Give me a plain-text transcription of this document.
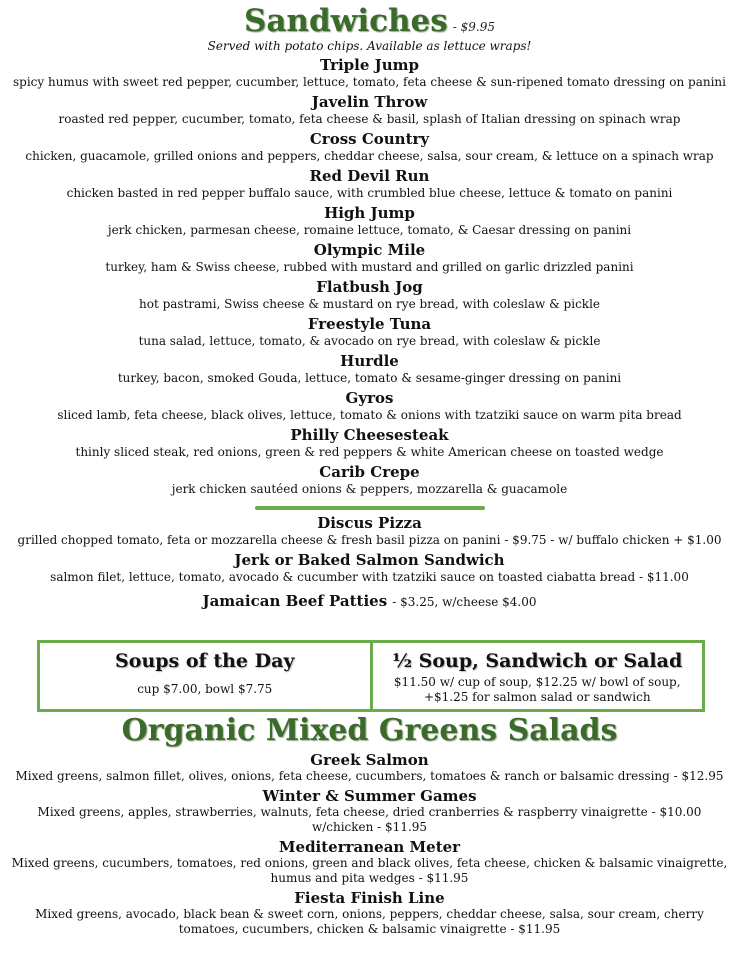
Sandwiches - $9.95
Served with potato chips. Available as lettuce wraps!
Triple Jump
spicy humus with sweet red pepper, cucumber, lettuce, tomato, feta cheese & sun-ripened tomato dressing on panini
Javelin Throw
roasted red pepper, cucumber, tomato, feta cheese & basil, splash of Italian dressing on spinach wrap
Cross Country
chicken, guacamole, grilled onions and peppers, cheddar cheese, salsa, sour cream, & lettuce on a spinach wrap
Red Devil Run
chicken basted in red pepper buffalo sauce, with crumbled blue cheese, lettuce & tomato on panini
High Jump
jerk chicken, parmesan cheese, romaine lettuce, tomato, & Caesar dressing on panini
Olympic Mile
turkey, ham & Swiss cheese, rubbed with mustard and grilled on garlic drizzled panini
Flatbush Jog
hot pastrami, Swiss cheese & mustard on rye bread, with coleslaw & pickle
Freestyle Tuna
tuna salad, lettuce, tomato, & avocado on rye bread, with coleslaw & pickle
Hurdle
turkey, bacon, smoked Gouda, lettuce, tomato & sesame-ginger dressing on panini
Gyros
sliced lamb, feta cheese, black olives, lettuce, tomato & onions with tzatziki sauce on warm pita bread
Philly Cheesesteak
thinly sliced steak, red onions, green & red peppers & white American cheese on toasted wedge
Carib Crepe
jerk chicken sautéed onions & peppers, mozzarella & guacamole
Discus Pizza
grilled chopped tomato, feta or mozzarella cheese & fresh basil pizza on panini - $9.75 - w/ buffalo chicken + $1.00
Jerk or Baked Salmon Sandwich
salmon filet, lettuce, tomato, avocado & cucumber with tzatziki sauce on toasted ciabatta bread - $11.00
Jamaican Beef Patties - $3.25, w/cheese $4.00
Soups of the Day
cup $7.00, bowl $7.75
½ Soup, Sandwich or Salad
$11.50 w/ cup of soup, $12.25 w/ bowl of soup,
+$1.25 for salmon salad or sandwich
Organic Mixed Greens Salads
Greek Salmon
Mixed greens, salmon fillet, olives, onions, feta cheese, cucumbers, tomatoes & ranch or balsamic dressing - $12.95
Winter & Summer Games
Mixed greens, apples, strawberries, walnuts, feta cheese, dried cranberries & raspberry vinaigrette - $10.00
w/chicken - $11.95
Mediterranean Meter
Mixed greens, cucumbers, tomatoes, red onions, green and black olives, feta cheese, chicken & balsamic vinaigrette,
humus and pita wedges - $11.95
Fiesta Finish Line
Mixed greens, avocado, black bean & sweet corn, onions, peppers, cheddar cheese, salsa, sour cream, cherry
tomatoes, cucumbers, chicken & balsamic vinaigrette - $11.95
